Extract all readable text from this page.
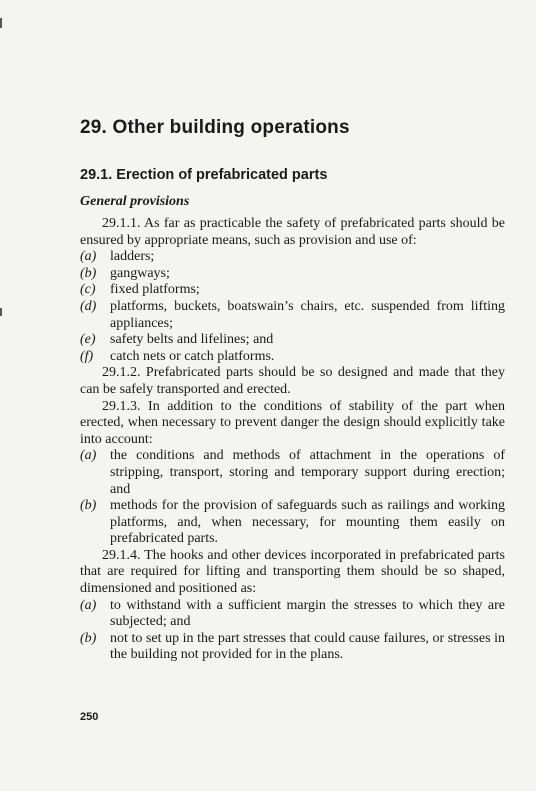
29. Other building operations
29.1. Erection of prefabricated parts
General provisions

29.1.1. As far as practicable the safety of prefabricated parts should be ensured by appropriate means, such as provision and use of:

(a) ladders;
(b) gangways;
(c)	fixed platforms;
(d) platforms, buckets, boatswain’s chairs, etc. suspended from lifting appliances;
(e)	safety belts and lifelines; and
(f)	catch nets or catch platforms.

29.1.2. Prefabricated parts should be so designed and made that they can be safely transported and erected.

29.1.3. In addition to the conditions of stability of the part when erected, when necessary to prevent danger the design should explicitly take into account:

(a) the conditions and methods of attachment in the operations of stripping, transport, storing and temporary support during erection; and
(b) methods for the provision of safeguards such as railings and working platforms, and, when necessary, for mounting them easily on prefabricated parts.

29.1.4. The hooks and other devices incorporated in prefabricated parts that are required for lifting and transporting them should be so shaped, dimensioned and positioned as:

(a) to withstand with a sufficient margin the stresses to which they are subjected; and
(b) not to set up in the part stresses that could cause failures, or stresses in the building not provided for in the plans.
250
